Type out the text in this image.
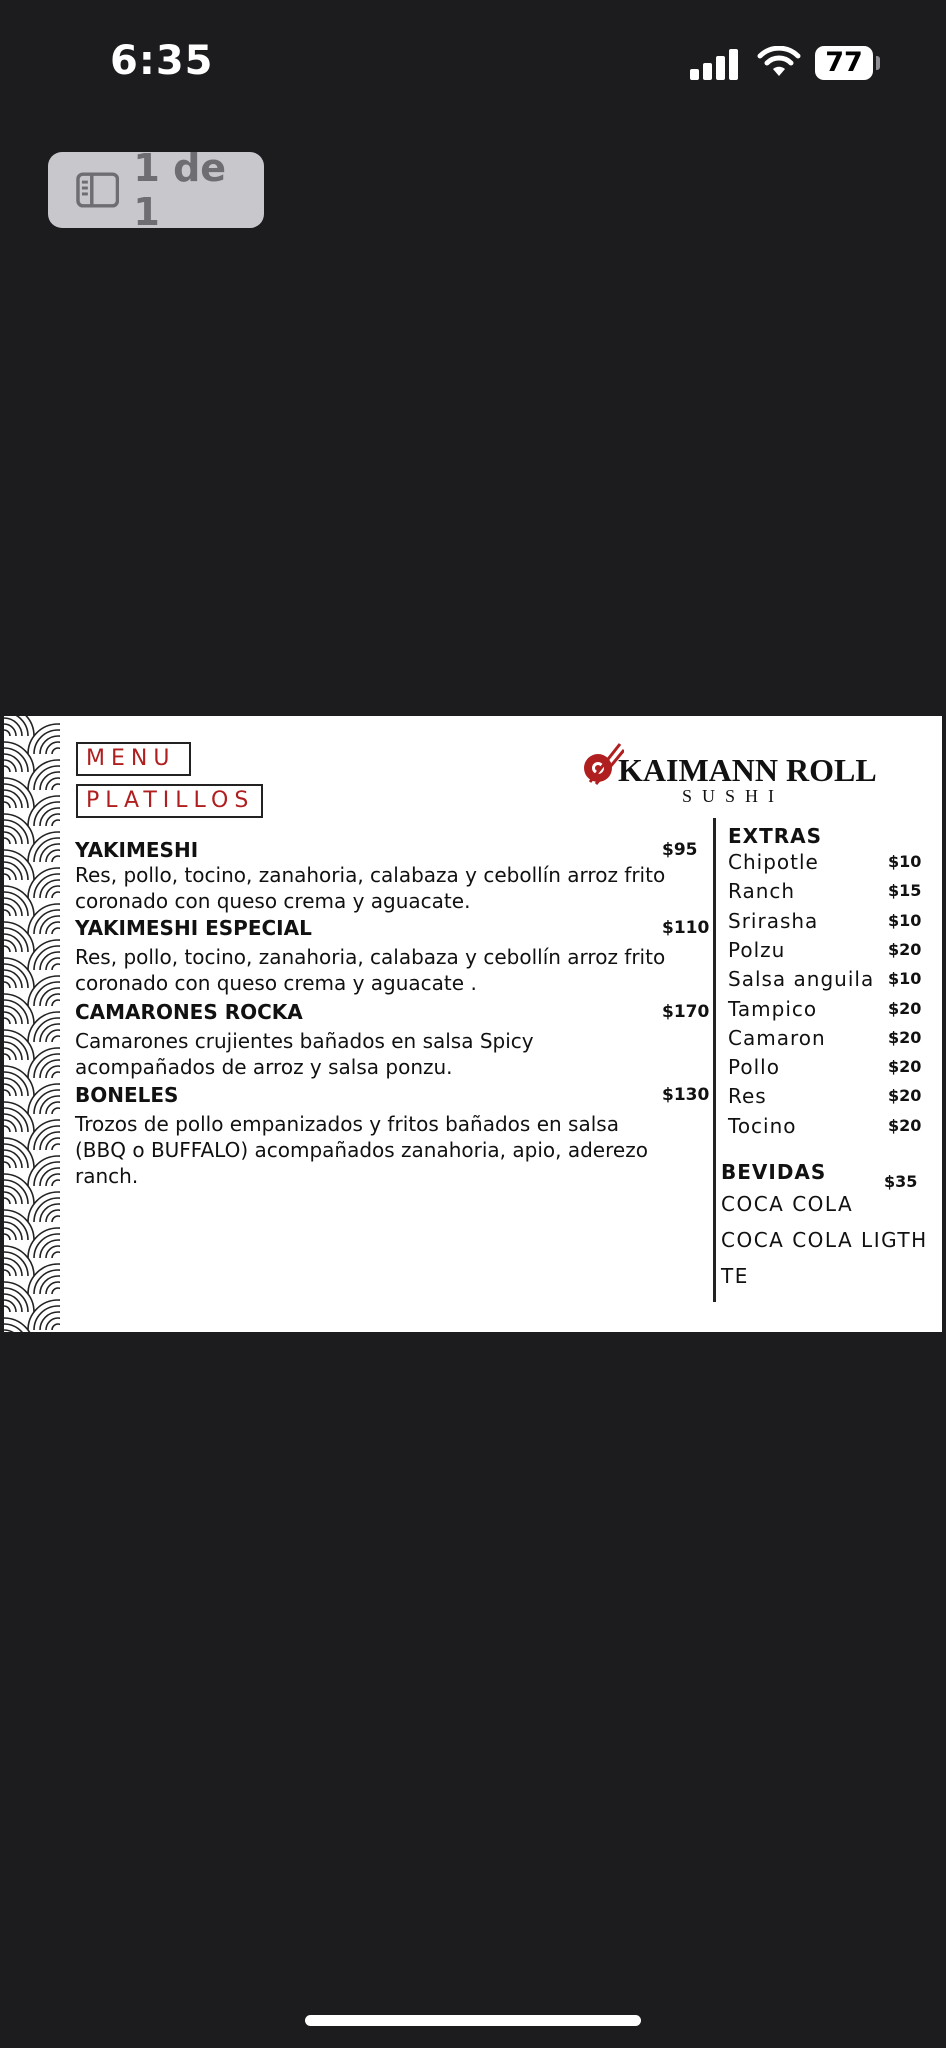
6:35	77
1 de 1
MENU
PLATILLOS
KAIMANN ROLL
SUSHI
YAKIMESHI
Res, pollo, tocino, zanahoria, calabaza y cebollín arroz frito coronado con queso crema y aguacate.
$95
YAKIMESHI ESPECIAL
Res, pollo, tocino, zanahoria, calabaza y cebollín arroz frito coronado con queso crema y aguacate .
$110
CAMARONES ROCKA
Camarones crujientes bañados en salsa Spicy acompañados de arroz y salsa ponzu.
$170
BONELES
Trozos de pollo empanizados y fritos bañados en salsa (BBQ o BUFFALO) acompañados zanahoria, apio, aderezo ranch.
$130
EXTRAS
Chipotle	$10
Ranch	$15
Srirasha	$10
Polzu	$20
Salsa anguila $10
Tampico	$20
Camaron	$20
Pollo	$20
Res	$20
Tocino	$20
BEVIDAS	$35
COCA COLA
COCA COLA LIGTH
TE
